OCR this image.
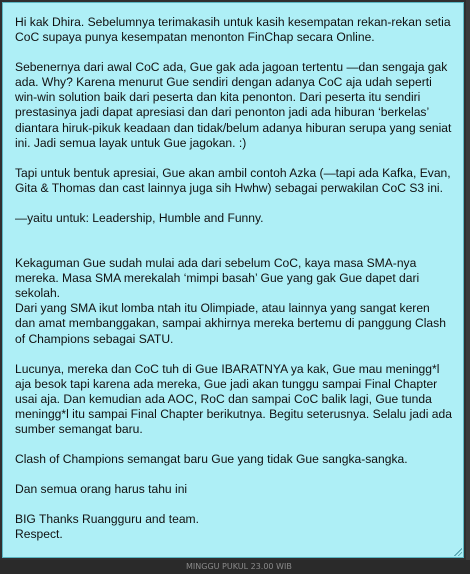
MINGGU PUKUL 23.00 WIB

Hi kak Dhira. Sebelumnya terimakasih untuk kasih kesempatan rekan-rekan setia CoC supaya punya kesempatan menonton FinChap secara Online.

Sebenernya dari awal CoC ada, Gue gak ada jagoan tertentu —dan sengaja gak ada. Why? Karena menurut Gue sendiri dengan adanya CoC aja udah seperti win-win solution baik dari peserta dan kita penonton. Dari peserta itu sendiri prestasinya jadi dapat apresiasi dan dari penonton jadi ada hiburan ‘berkelas’ diantara hiruk-pikuk keadaan dan tidak/belum adanya hiburan serupa yang seniat ini. Jadi semua layak untuk Gue jagokan. :)

Tapi untuk bentuk apresiai, Gue akan ambil contoh Azka (—tapi ada Kafka, Evan, Gita & Thomas dan cast lainnya juga sih Hwhw) sebagai perwakilan CoC S3 ini.

—yaitu untuk: Leadership, Humble and Funny.

Kekaguman Gue sudah mulai ada dari sebelum CoC, kaya masa SMA-nya mereka. Masa SMA merekalah ‘mimpi basah’ Gue yang gak Gue dapet dari sekolah.

Dari yang SMA ikut lomba ntah itu Olimpiade, atau lainnya yang sangat keren dan amat membanggakan, sampai akhirnya mereka bertemu di panggung Clash of Champions sebagai SATU.

Lucunya, mereka dan CoC tuh di Gue IBARATNYA ya kak, Gue mau meningg*l aja besok tapi karena ada mereka, Gue jadi akan tunggu sampai Final Chapter usai aja. Dan kemudian ada AOC, RoC dan sampai CoC balik lagi, Gue tunda meningg*l itu sampai Final Chapter berikutnya. Begitu seterusnya. Selalu jadi ada sumber semangat baru.

Clash of Champions semangat baru Gue yang tidak Gue sangka-sangka.

Dan semua orang harus tahu ini

BIG Thanks Ruangguru and team.

Respect.
